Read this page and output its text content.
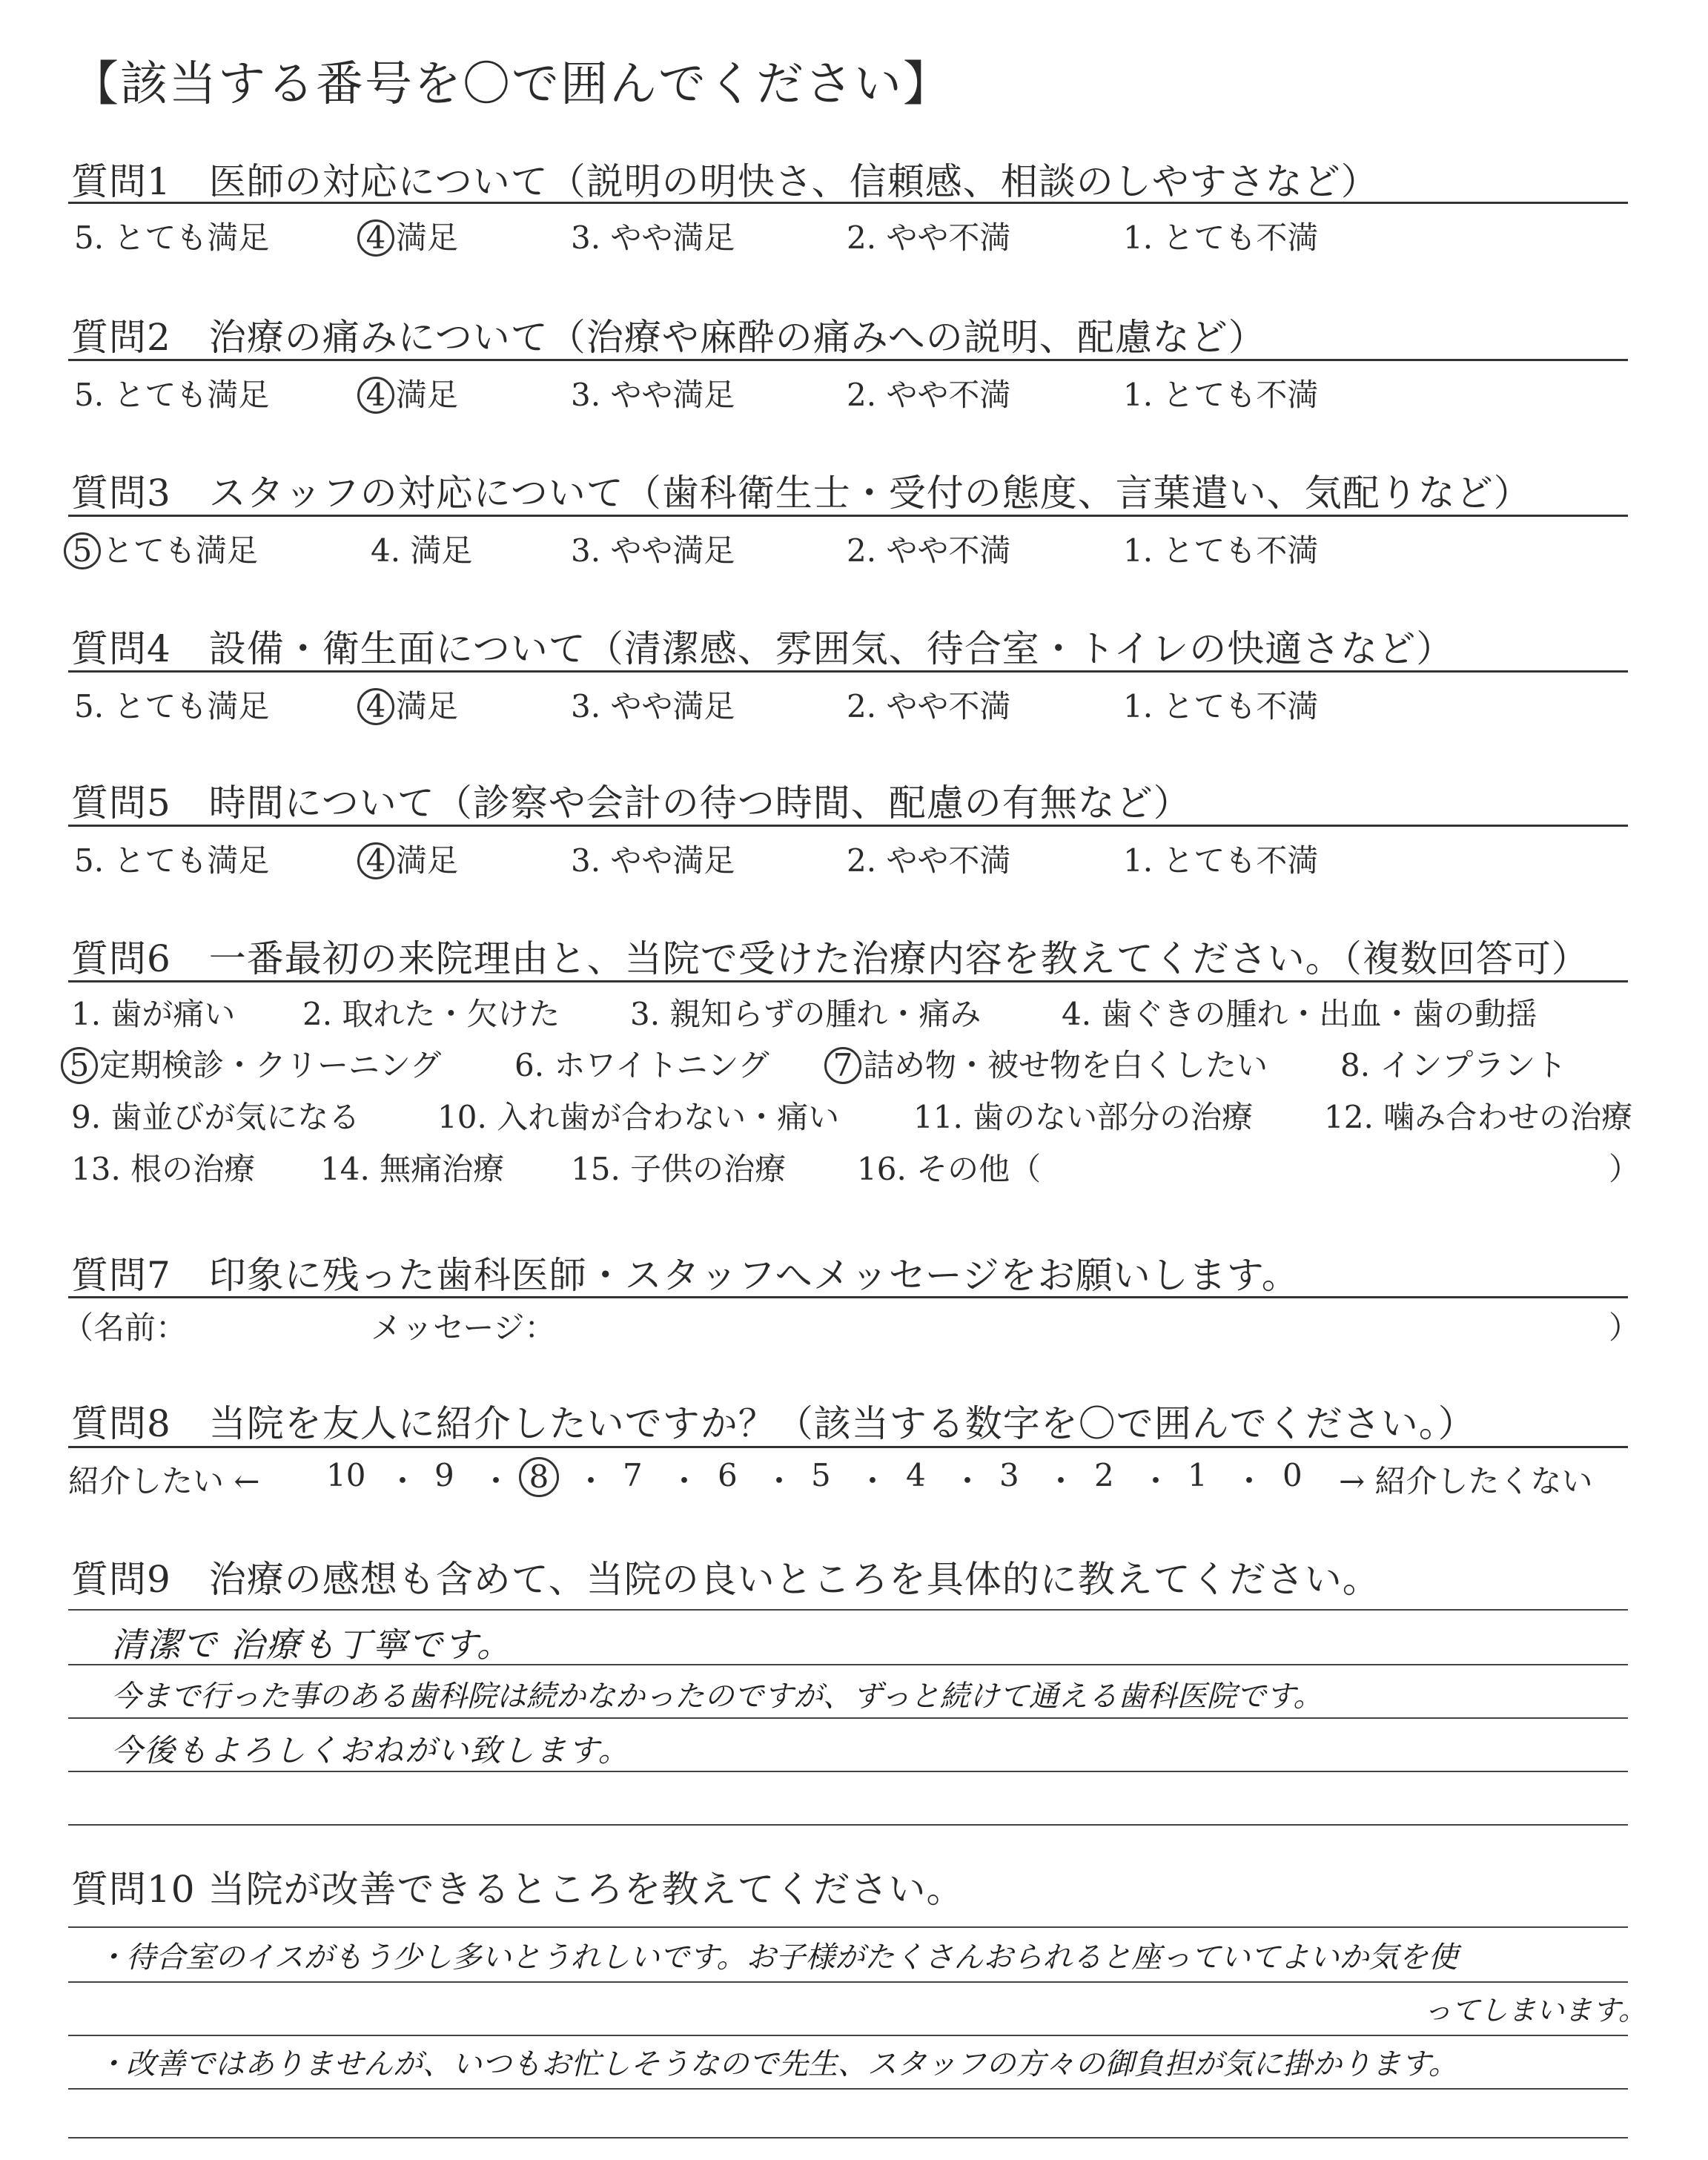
【該当する番号を〇で囲んでください】
質問1　医師の対応について（説明の明快さ、信頼感、相談のしやすさなど）
5. とても満足	4 満足	3. やや満足	2. やや不満	1. とても不満
質問2　治療の痛みについて（治療や麻酔の痛みへの説明、配慮など）
5. とても満足	4 満足	3. やや満足	2. やや不満	1. とても不満
質問3　スタッフの対応について（歯科衛生士・受付の態度、言葉遣い、気配りなど）
5 とても満足	4. 満足	3. やや満足	2. やや不満	1. とても不満
質問4　設備・衛生面について（清潔感、雰囲気、待合室・トイレの快適さなど）
5. とても満足	4 満足	3. やや満足	2. やや不満	1. とても不満
質問5　時間について（診察や会計の待つ時間、配慮の有無など）
5. とても満足	4 満足	3. やや満足	2. やや不満	1. とても不満
質問6　一番最初の来院理由と、当院で受けた治療内容を教えてください。（複数回答可）
1. 歯が痛い 2. 取れた・欠けた 3. 親知らずの腫れ・痛み	4. 歯ぐきの腫れ・出血・歯の動揺
5 定期検診・クリーニング 6. ホワイトニング 7 詰め物・被せ物を白くしたい 8. インプラント
9. 歯並びが気になる 10. 入れ歯が合わない・痛い 11. 歯のない部分の治療 12. 噛み合わせの治療
13. 根の治療 14. 無痛治療 15. 子供の治療 16. その他（	）
質問7　印象に残った歯科医師・スタッフへメッセージをお願いします。
（名前：	メッセージ：	）
質問8　当院を友人に紹介したいですか？（該当する数字を〇で囲んでください。）
紹介したい ← 10 ・ 9 ・ 8 ・ 7 ・ 6 ・ 5 ・ 4 ・ 3 ・ 2 ・ 1 ・ 0 → 紹介したくない
質問9　治療の感想も含めて、当院の良いところを具体的に教えてください。
清潔で 治療も丁寧です。
今まで行った事のある歯科院は続かなかったのですが、ずっと続けて通える歯科医院です。
今後もよろしくおねがい致します。
質問10 当院が改善できるところを教えてください。
・待合室のイスがもう少し多いとうれしいです。お子様がたくさんおられると座っていてよいか気を使
ってしまいます。
・改善ではありませんが、いつもお忙しそうなので先生、スタッフの方々の御負担が気に掛かります。
